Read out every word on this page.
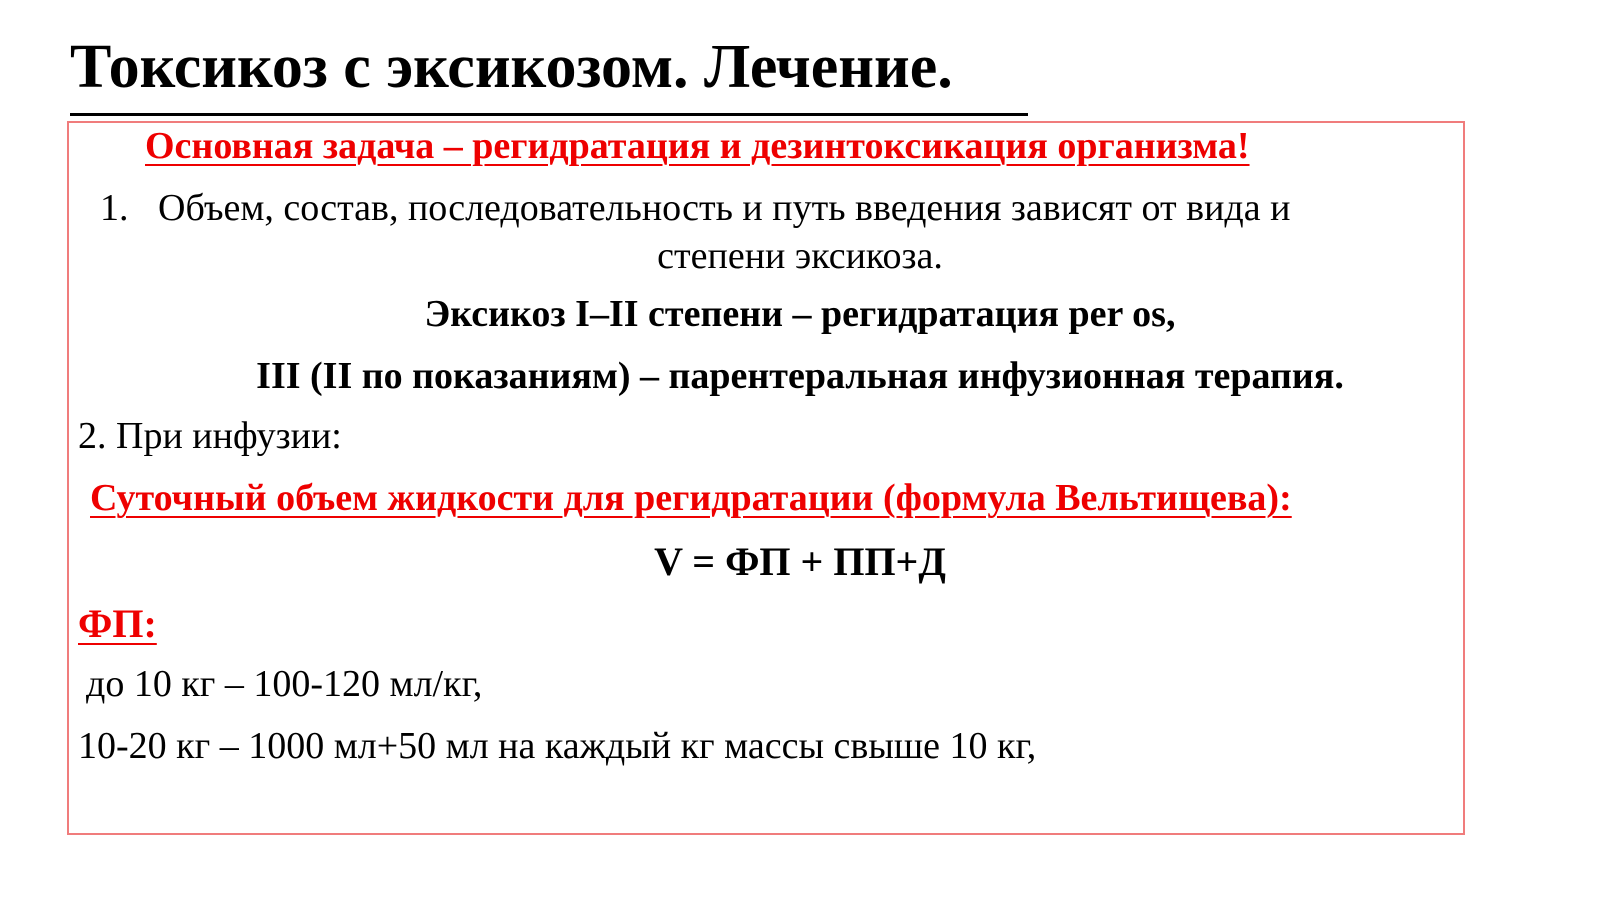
Токсикоз с эксикозом. Лечение.
Основная задача – регидратация и дезинтоксикация организма!
1. Объем, состав, последовательность и путь введения зависят от вида и
степени эксикоза.
Эксикоз I–II степени – регидратация per os,
III (II по показаниям) – парентеральная инфузионная терапия.
2. При инфузии:
Суточный объем жидкости для регидратации (формула Вельтищева):
V = ФП + ПП+Д
ФП:
до 10 кг – 100-120 мл/кг,
10-20 кг – 1000 мл+50 мл на каждый кг массы свыше 10 кг,
